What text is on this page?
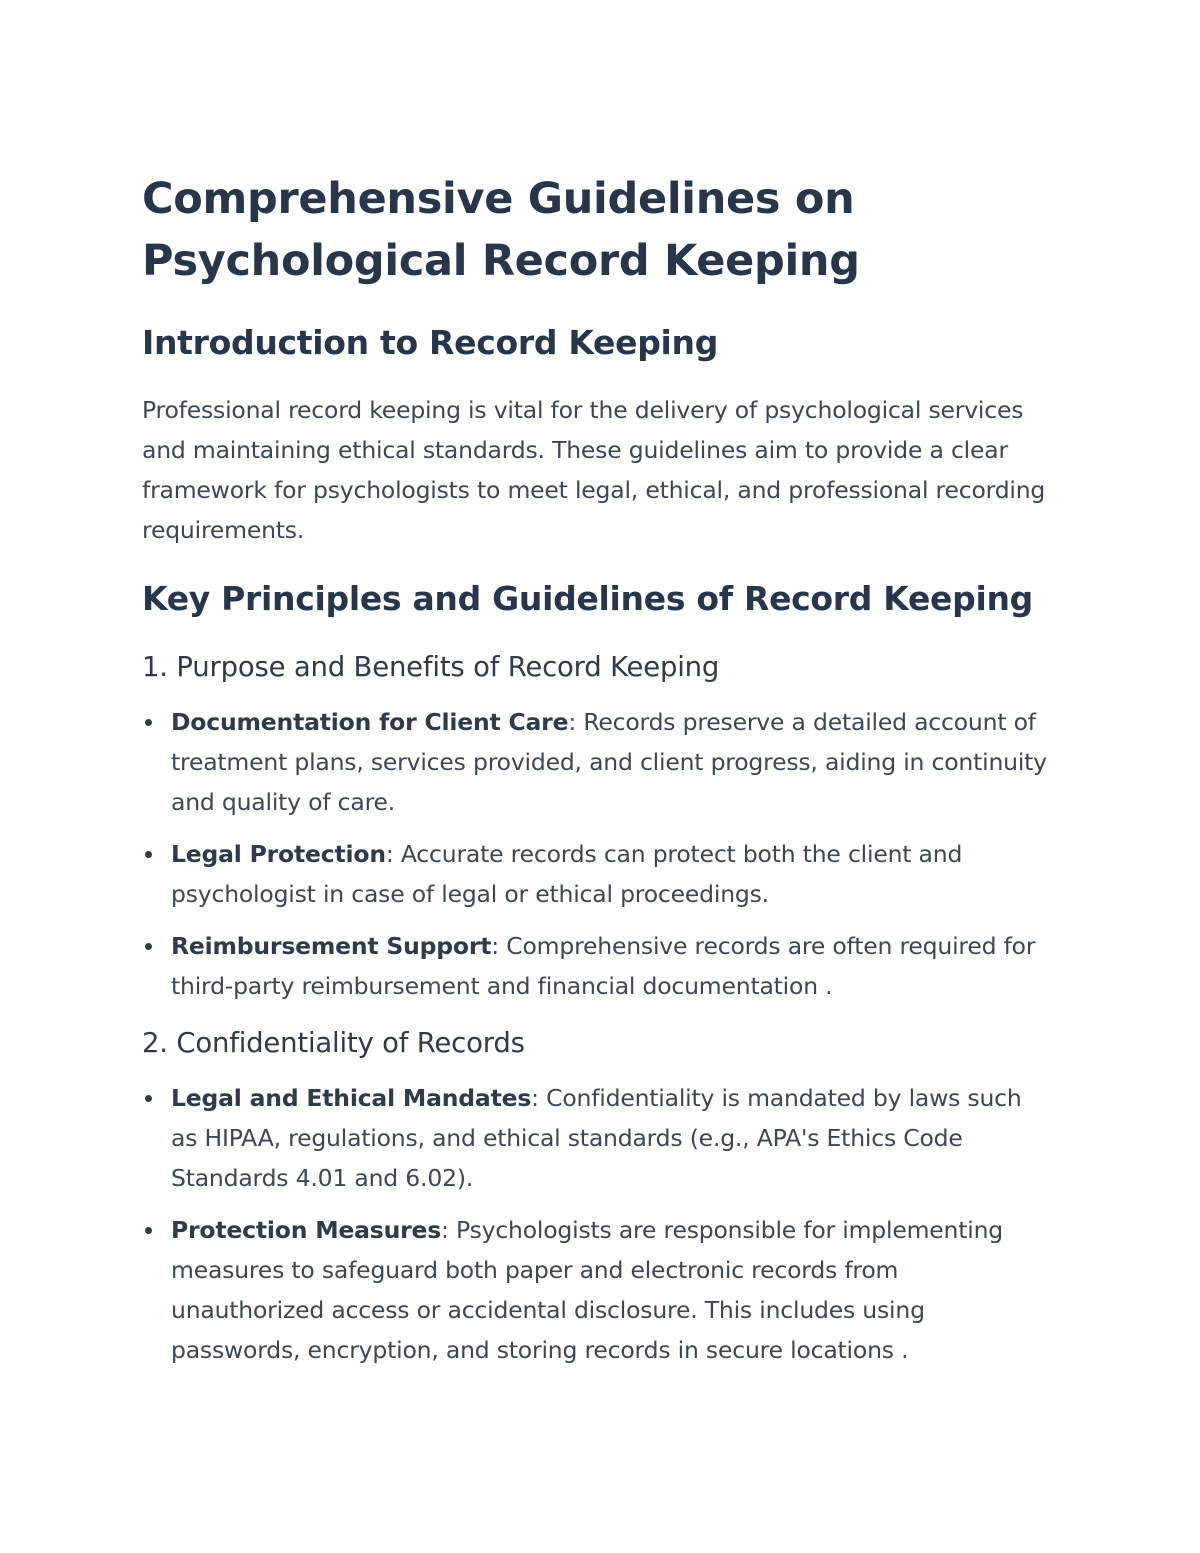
Comprehensive Guidelines on Psychological Record Keeping
Introduction to Record Keeping

Professional record keeping is vital for the delivery of psychological services and maintaining ethical standards. These guidelines aim to provide a clear framework for psychologists to meet legal, ethical, and professional recording requirements.

Key Principles and Guidelines of Record Keeping
1. Purpose and Benefits of Record Keeping
Documentation for Client Care: Records preserve a detailed account of treatment plans, services provided, and client progress, aiding in continuity and quality of care.
Legal Protection: Accurate records can protect both the client and psychologist in case of legal or ethical proceedings.
Reimbursement Support: Comprehensive records are often required for third-party reimbursement and financial documentation .
2. Confidentiality of Records
Legal and Ethical Mandates: Confidentiality is mandated by laws such as HIPAA, regulations, and ethical standards (e.g., APA's Ethics Code Standards 4.01 and 6.02).
Protection Measures: Psychologists are responsible for implementing measures to safeguard both paper and electronic records from unauthorized access or accidental disclosure. This includes using passwords, encryption, and storing records in secure locations .
